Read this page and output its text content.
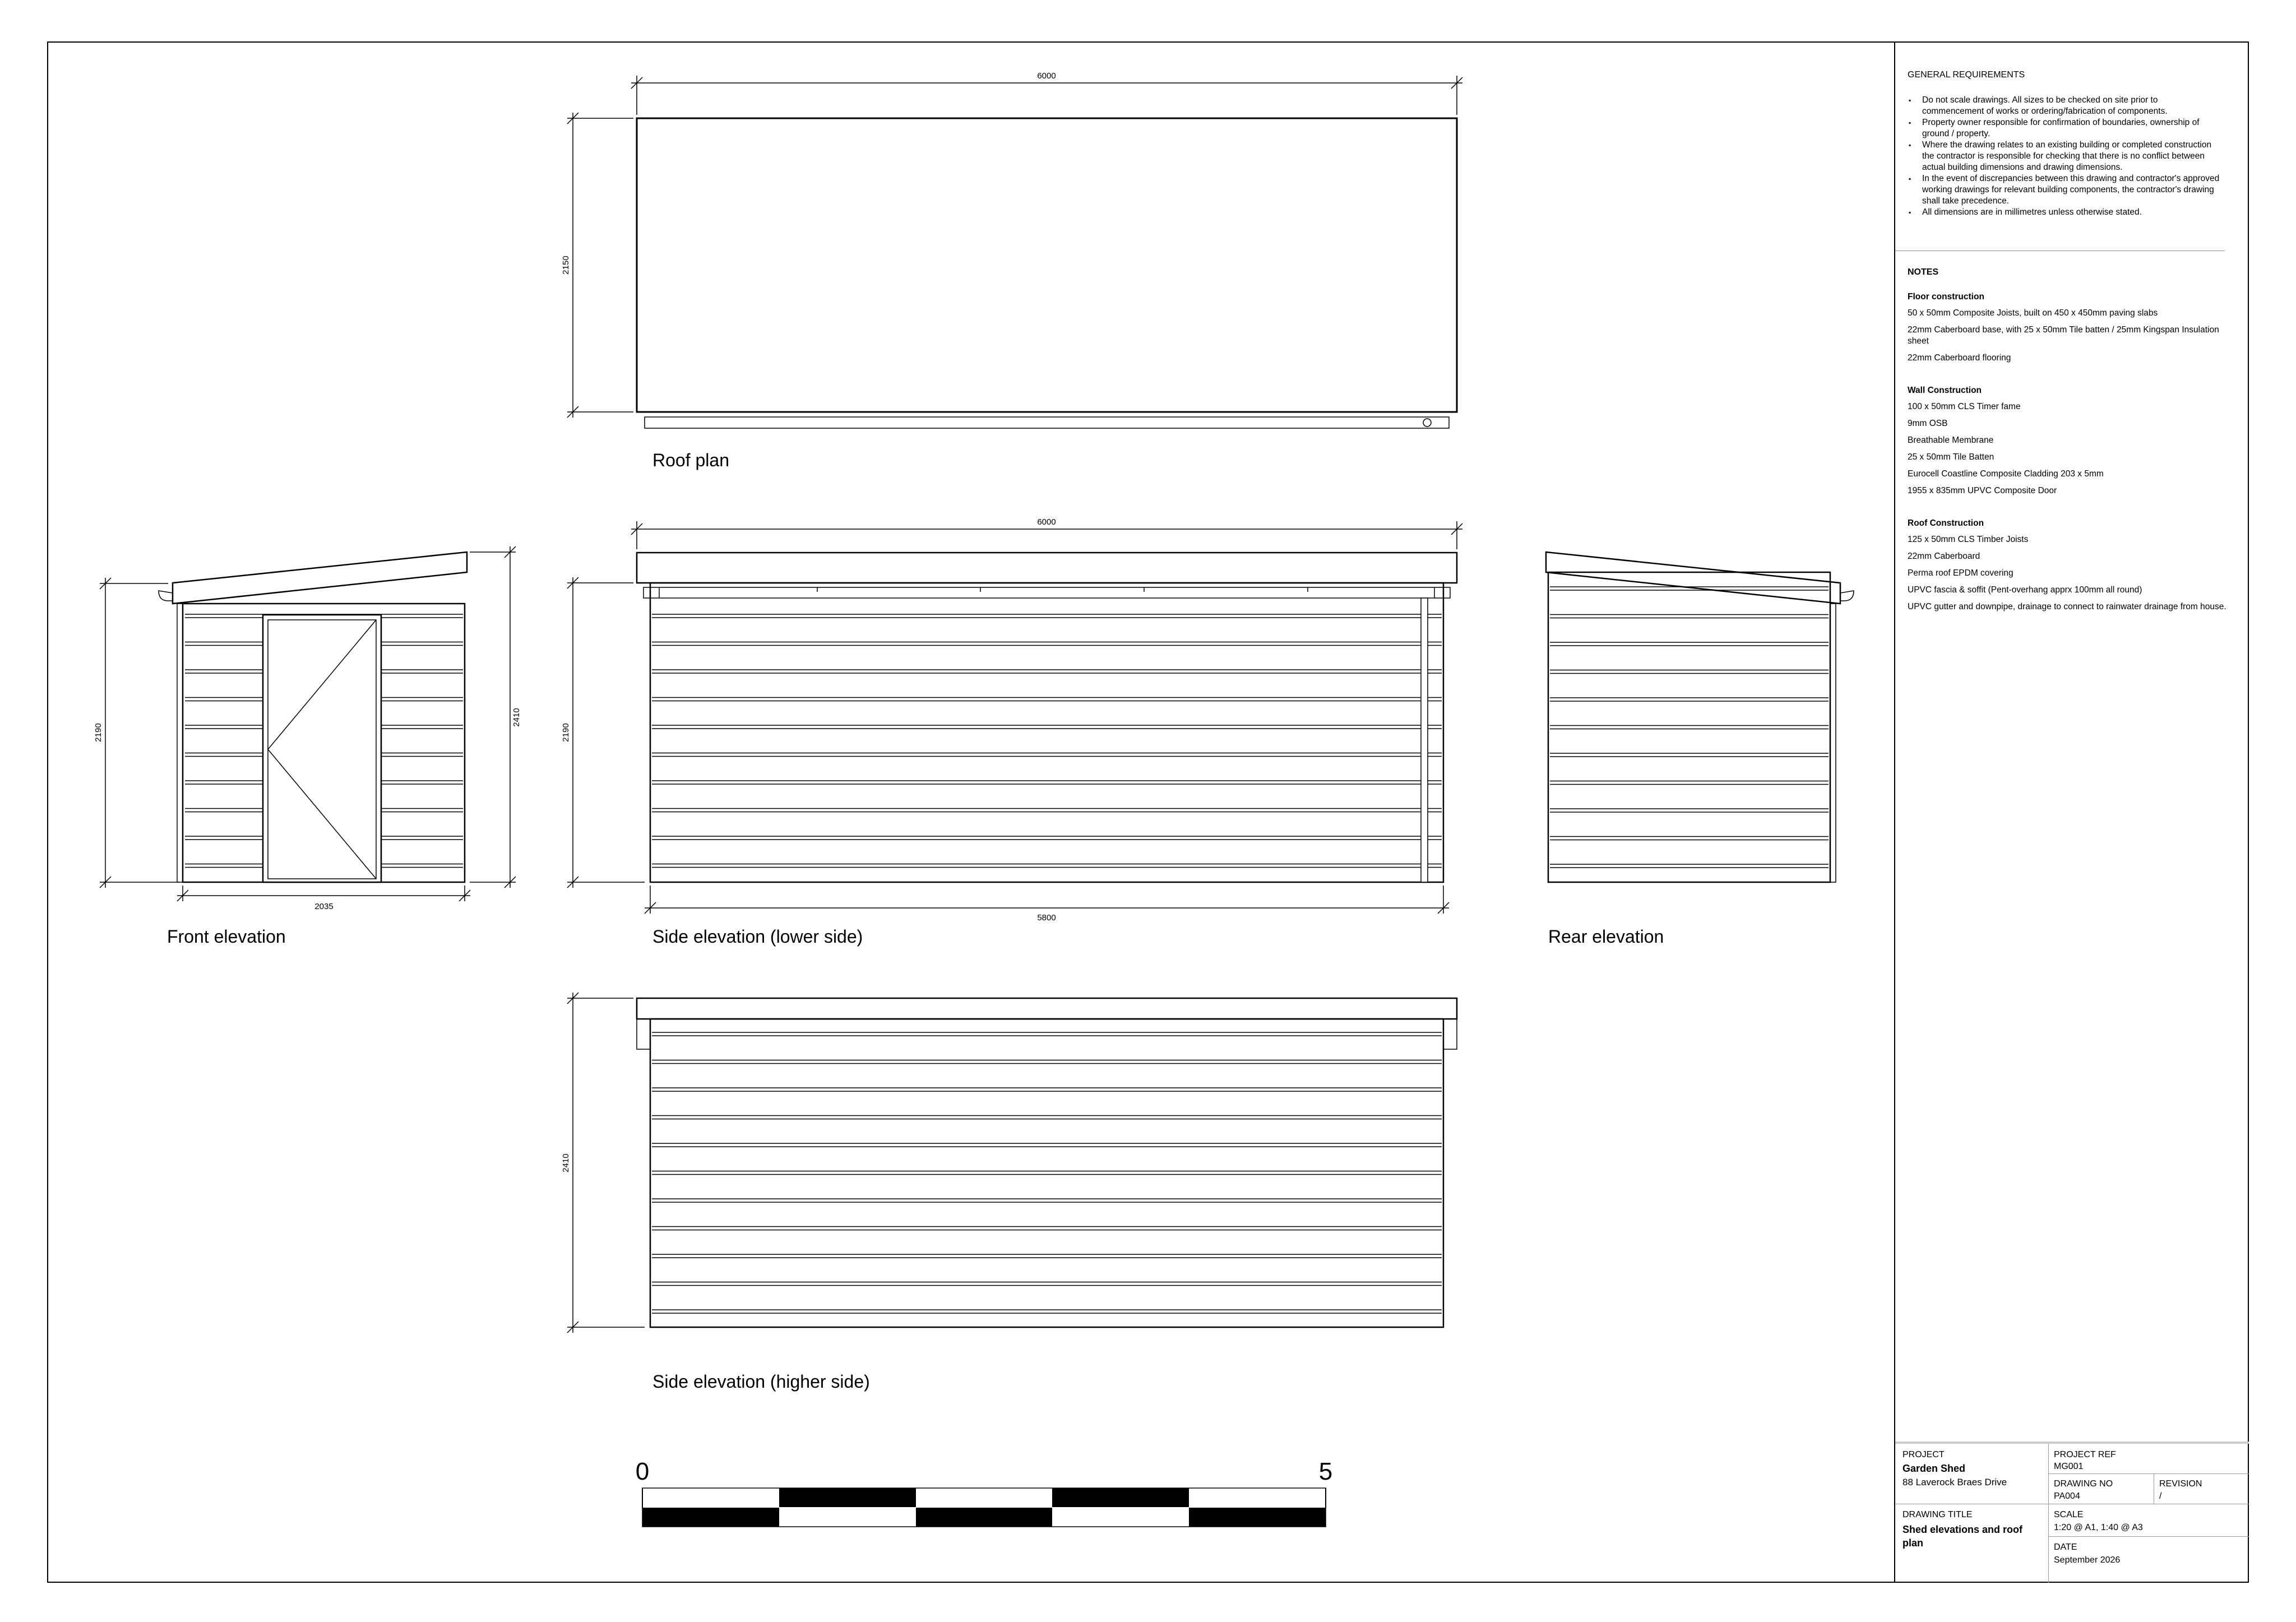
6000
2150
Roof plan
2190
2410
2035
Front elevation
6000
2190
5800
Side elevation (lower side)	Rear elevation
2410
Side elevation (higher side)
0	5
GENERAL REQUIREMENTS
▪ Do not scale drawings. All sizes to be checked on site prior to commencement of works or ordering/fabrication of components.
▪ Property owner responsible for confirmation of boundaries, ownership of ground / property.
▪ Where the drawing relates to an existing building or completed construction the contractor is responsible for checking that there is no conflict between actual building dimensions and drawing dimensions.
▪ In the event of discrepancies between this drawing and contractor's approved working drawings for relevant building components, the contractor's drawing shall take precedence.
▪ All dimensions are in millimetres unless otherwise stated.
NOTES
Floor construction
50 x 50mm Composite Joists, built on 450 x 450mm paving slabs
22mm Caberboard base, with 25 x 50mm Tile batten / 25mm Kingspan Insulation sheet
22mm Caberboard flooring
Wall Construction
100 x 50mm CLS Timer fame
9mm OSB
Breathable Membrane
25 x 50mm Tile Batten
Eurocell Coastline Composite Cladding 203 x 5mm
1955 x 835mm UPVC Composite Door
Roof Construction
125 x 50mm CLS Timber Joists
22mm Caberboard
Perma roof EPDM covering
UPVC fascia & soffit (Pent-overhang apprx 100mm all round)
UPVC gutter and downpipe, drainage to connect to rainwater drainage from house.
PROJECT
Garden Shed
88 Laverock Braes Drive
PROJECT REF
MG001
DRAWING NO
PA004
REVISION
/
DRAWING TITLE
Shed elevations and roof plan
SCALE
1:20 @ A1, 1:40 @ A3
DATE
September 2026
